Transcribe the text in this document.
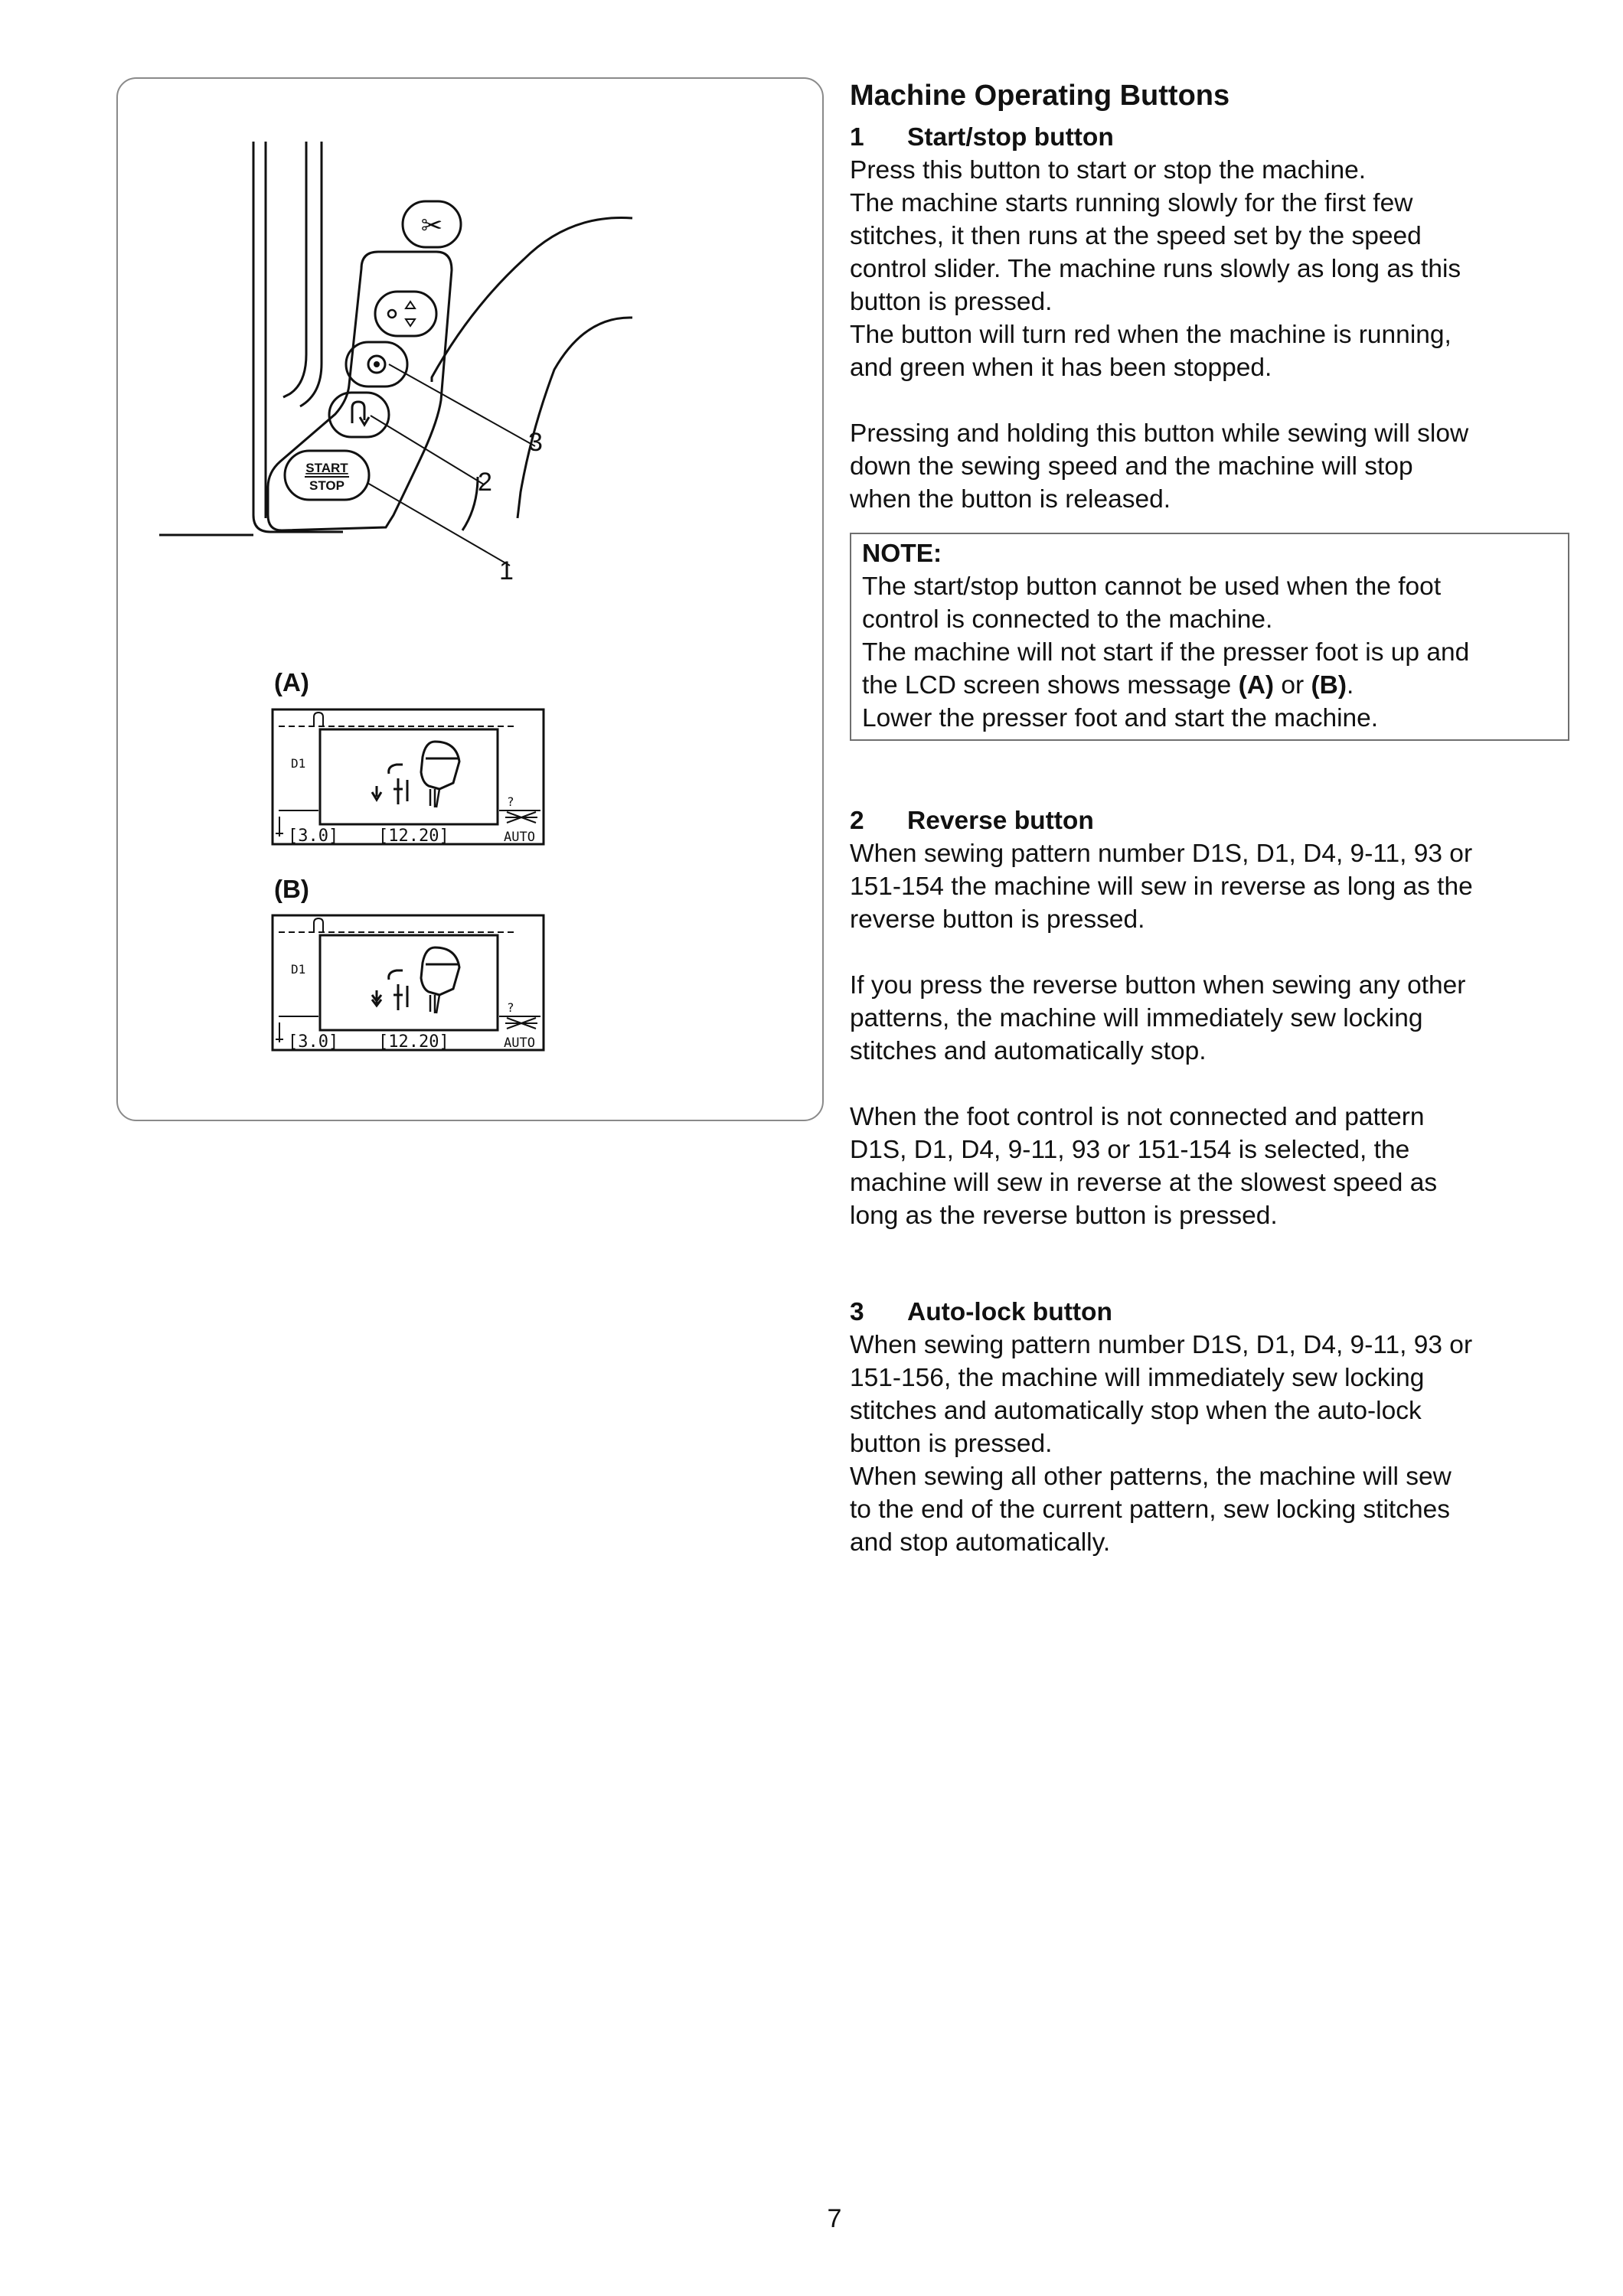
✂
START
STOP
D1
?
[3.0] [12.20]	AUTO
D1
?
[3.0] [12.20]	AUTO
3
2
1
(A)
(B)
Machine Operating Buttons

1 Start/stop button

Press this button to start or stop the machine.

The machine starts running slowly for the first few

stitches, it then runs at the speed set by the speed

control slider. The machine runs slowly as long as this

button is pressed.

The button will turn red when the machine is running,

and green when it has been stopped.

Pressing and holding this button while sewing will slow

down the sewing speed and the machine will stop

when the button is released.

NOTE:

The start/stop button cannot be used when the foot

control is connected to the machine.

The machine will not start if the presser foot is up and

the LCD screen shows message (A) or (B).

Lower the presser foot and start the machine.

2 Reverse button

When sewing pattern number D1S, D1, D4, 9-11, 93 or

151-154 the machine will sew in reverse as long as the

reverse button is pressed.

If you press the reverse button when sewing any other

patterns, the machine will immediately sew locking

stitches and automatically stop.

When the foot control is not connected and pattern

D1S, D1, D4, 9-11, 93 or 151-154 is selected, the

machine will sew in reverse at the slowest speed as

long as the reverse button is pressed.

3 Auto-lock button

When sewing pattern number D1S, D1, D4, 9-11, 93 or

151-156, the machine will immediately sew locking

stitches and automatically stop when the auto-lock

button is pressed.

When sewing all other patterns, the machine will sew

to the end of the current pattern, sew locking stitches

and stop automatically.

7
